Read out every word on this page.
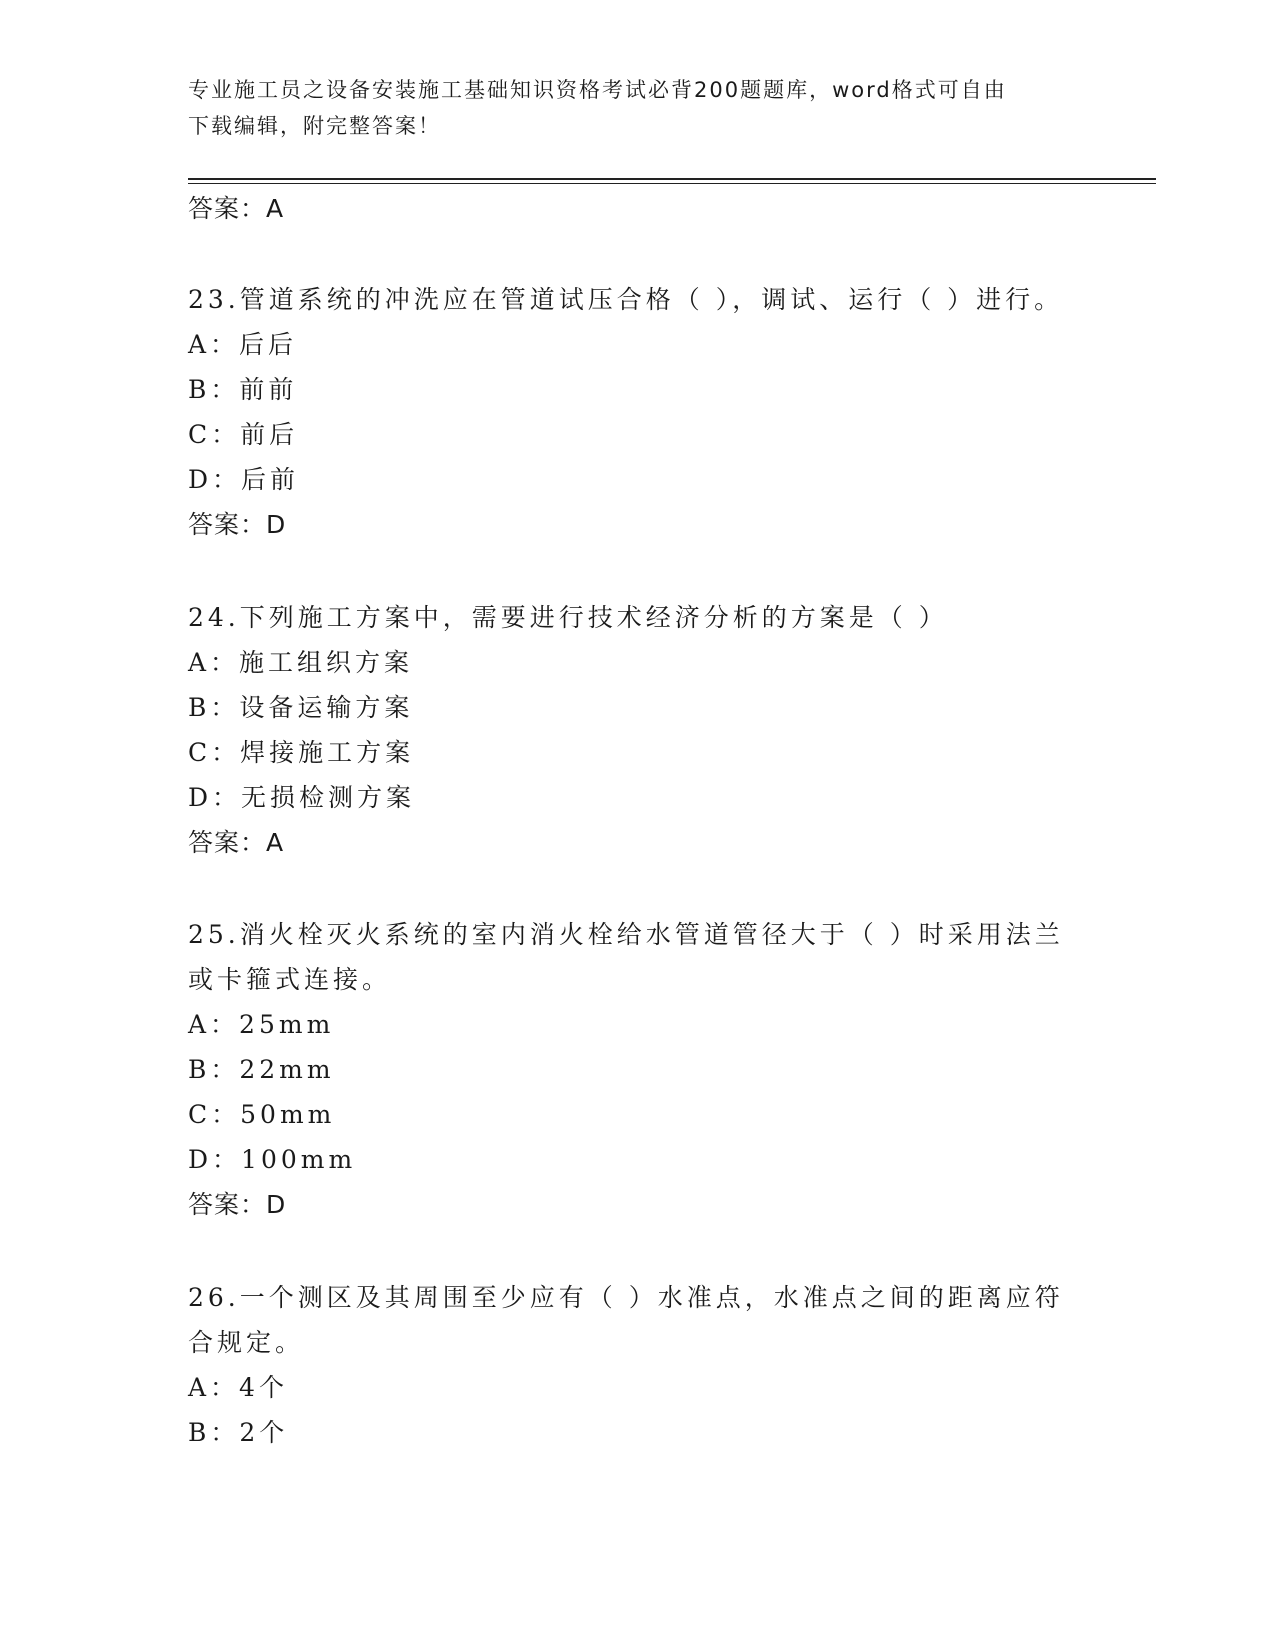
专业施工员之设备安装施工基础知识资格考试必背200题题库，word格式可自由
下载编辑，附完整答案！
答案：A
23.管道系统的冲洗应在管道试压合格（ ），调试、运行（ ）进行。
A：后后
B：前前
C：前后
D：后前
答案：D
24.下列施工方案中，需要进行技术经济分析的方案是（ ）
A：施工组织方案
B：设备运输方案
C：焊接施工方案
D：无损检测方案
答案：A
25.消火栓灭火系统的室内消火栓给水管道管径大于（ ）时采用法兰
或卡箍式连接。
A：25mm
B：22mm
C：50mm
D：100mm
答案：D
26.一个测区及其周围至少应有（ ）水准点，水准点之间的距离应符
合规定。
A：4个
B：2个
